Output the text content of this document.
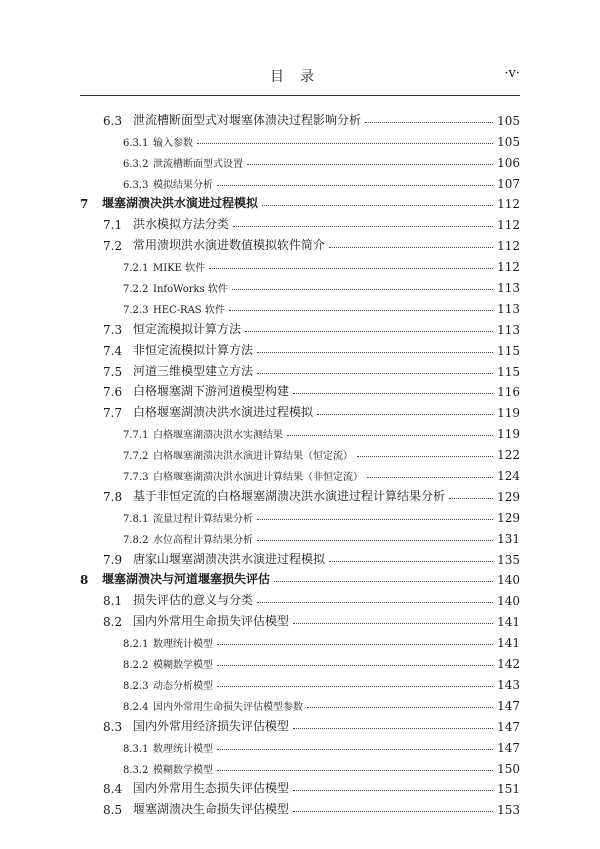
目录	·v·
6.3 泄流槽断面型式对堰塞体溃决过程影响分析	105
6.3.1 输入参数	105
6.3.2 泄流槽断面型式设置	106
6.3.3 模拟结果分析	107
7	堰塞湖溃决洪水演进过程模拟	112
7.1 洪水模拟方法分类	112
7.2 常用溃坝洪水演进数值模拟软件简介	112
7.2.1 MIKE 软件	112
7.2.2 InfoWorks 软件	113
7.2.3 HEC-RAS 软件	113
7.3 恒定流模拟计算方法	113
7.4 非恒定流模拟计算方法	115
7.5 河道三维模型建立方法	115
7.6 白格堰塞湖下游河道模型构建	116
7.7 白格堰塞湖溃决洪水演进过程模拟	119
7.7.1 白格堰塞湖溃决洪水实测结果	119
7.7.2 白格堰塞湖溃决洪水演进计算结果（恒定流）	122
7.7.3 白格堰塞湖溃决洪水演进计算结果（非恒定流）	124
7.8 基于非恒定流的白格堰塞湖溃决洪水演进过程计算结果分析	129
7.8.1 流量过程计算结果分析	129
7.8.2 水位高程计算结果分析	131
7.9 唐家山堰塞湖溃决洪水演进过程模拟	135
8	堰塞湖溃决与河道堰塞损失评估	140
8.1 损失评估的意义与分类	140
8.2 国内外常用生命损失评估模型	141
8.2.1 数理统计模型	141
8.2.2 模糊数学模型	142
8.2.3 动态分析模型	143
8.2.4 国内外常用生命损失评估模型参数	147
8.3 国内外常用经济损失评估模型	147
8.3.1 数理统计模型	147
8.3.2 模糊数学模型	150
8.4 国内外常用生态损失评估模型	151
8.5 堰塞湖溃决生命损失评估模型	153
